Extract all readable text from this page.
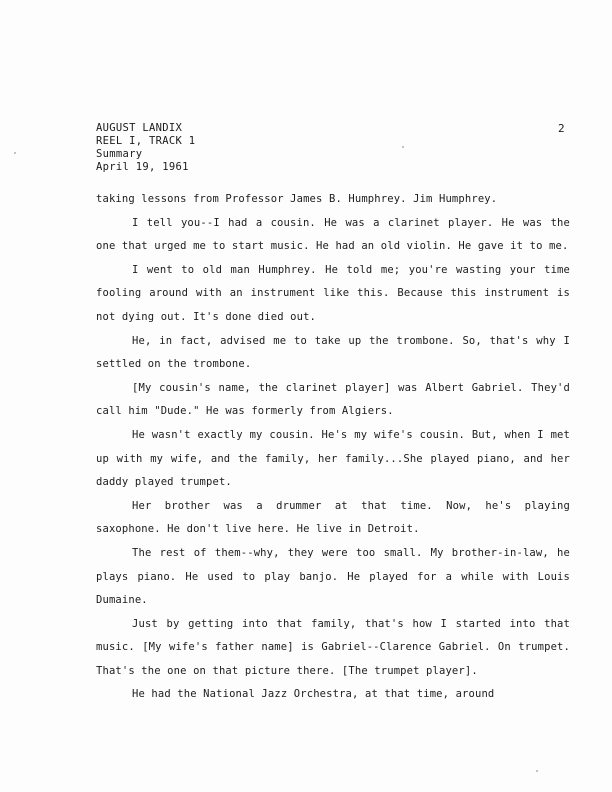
AUGUST LANDIX
REEL I, TRACK 1
Summary
April 19, 1961
2

taking lessons from Professor James B. Humphrey. Jim Humphrey.

I tell you--I had a cousin. He was a clarinet player. He was the one that urged me to start music. He had an old violin. He gave it to me.

I went to old man Humphrey. He told me; you're wasting your time fooling around with an instrument like this. Because this instrument is not dying out. It's done died out.

He, in fact, advised me to take up the trombone. So, that's why I settled on the trombone.

[My cousin's name, the clarinet player] was Albert Gabriel. They'd call him "Dude." He was formerly from Algiers.

He wasn't exactly my cousin. He's my wife's cousin. But, when I met up with my wife, and the family, her family...She played piano, and her daddy played trumpet.

Her brother was a drummer at that time. Now, he's playing saxophone. He don't live here. He live in Detroit.

The rest of them--why, they were too small. My brother-in-law, he plays piano. He used to play banjo. He played for a while with Louis Dumaine.

Just by getting into that family, that's how I started into that music. [My wife's father name] is Gabriel--Clarence Gabriel. On trumpet. That's the one on that picture there. [The trumpet player].

He had the National Jazz Orchestra, at that time, around
